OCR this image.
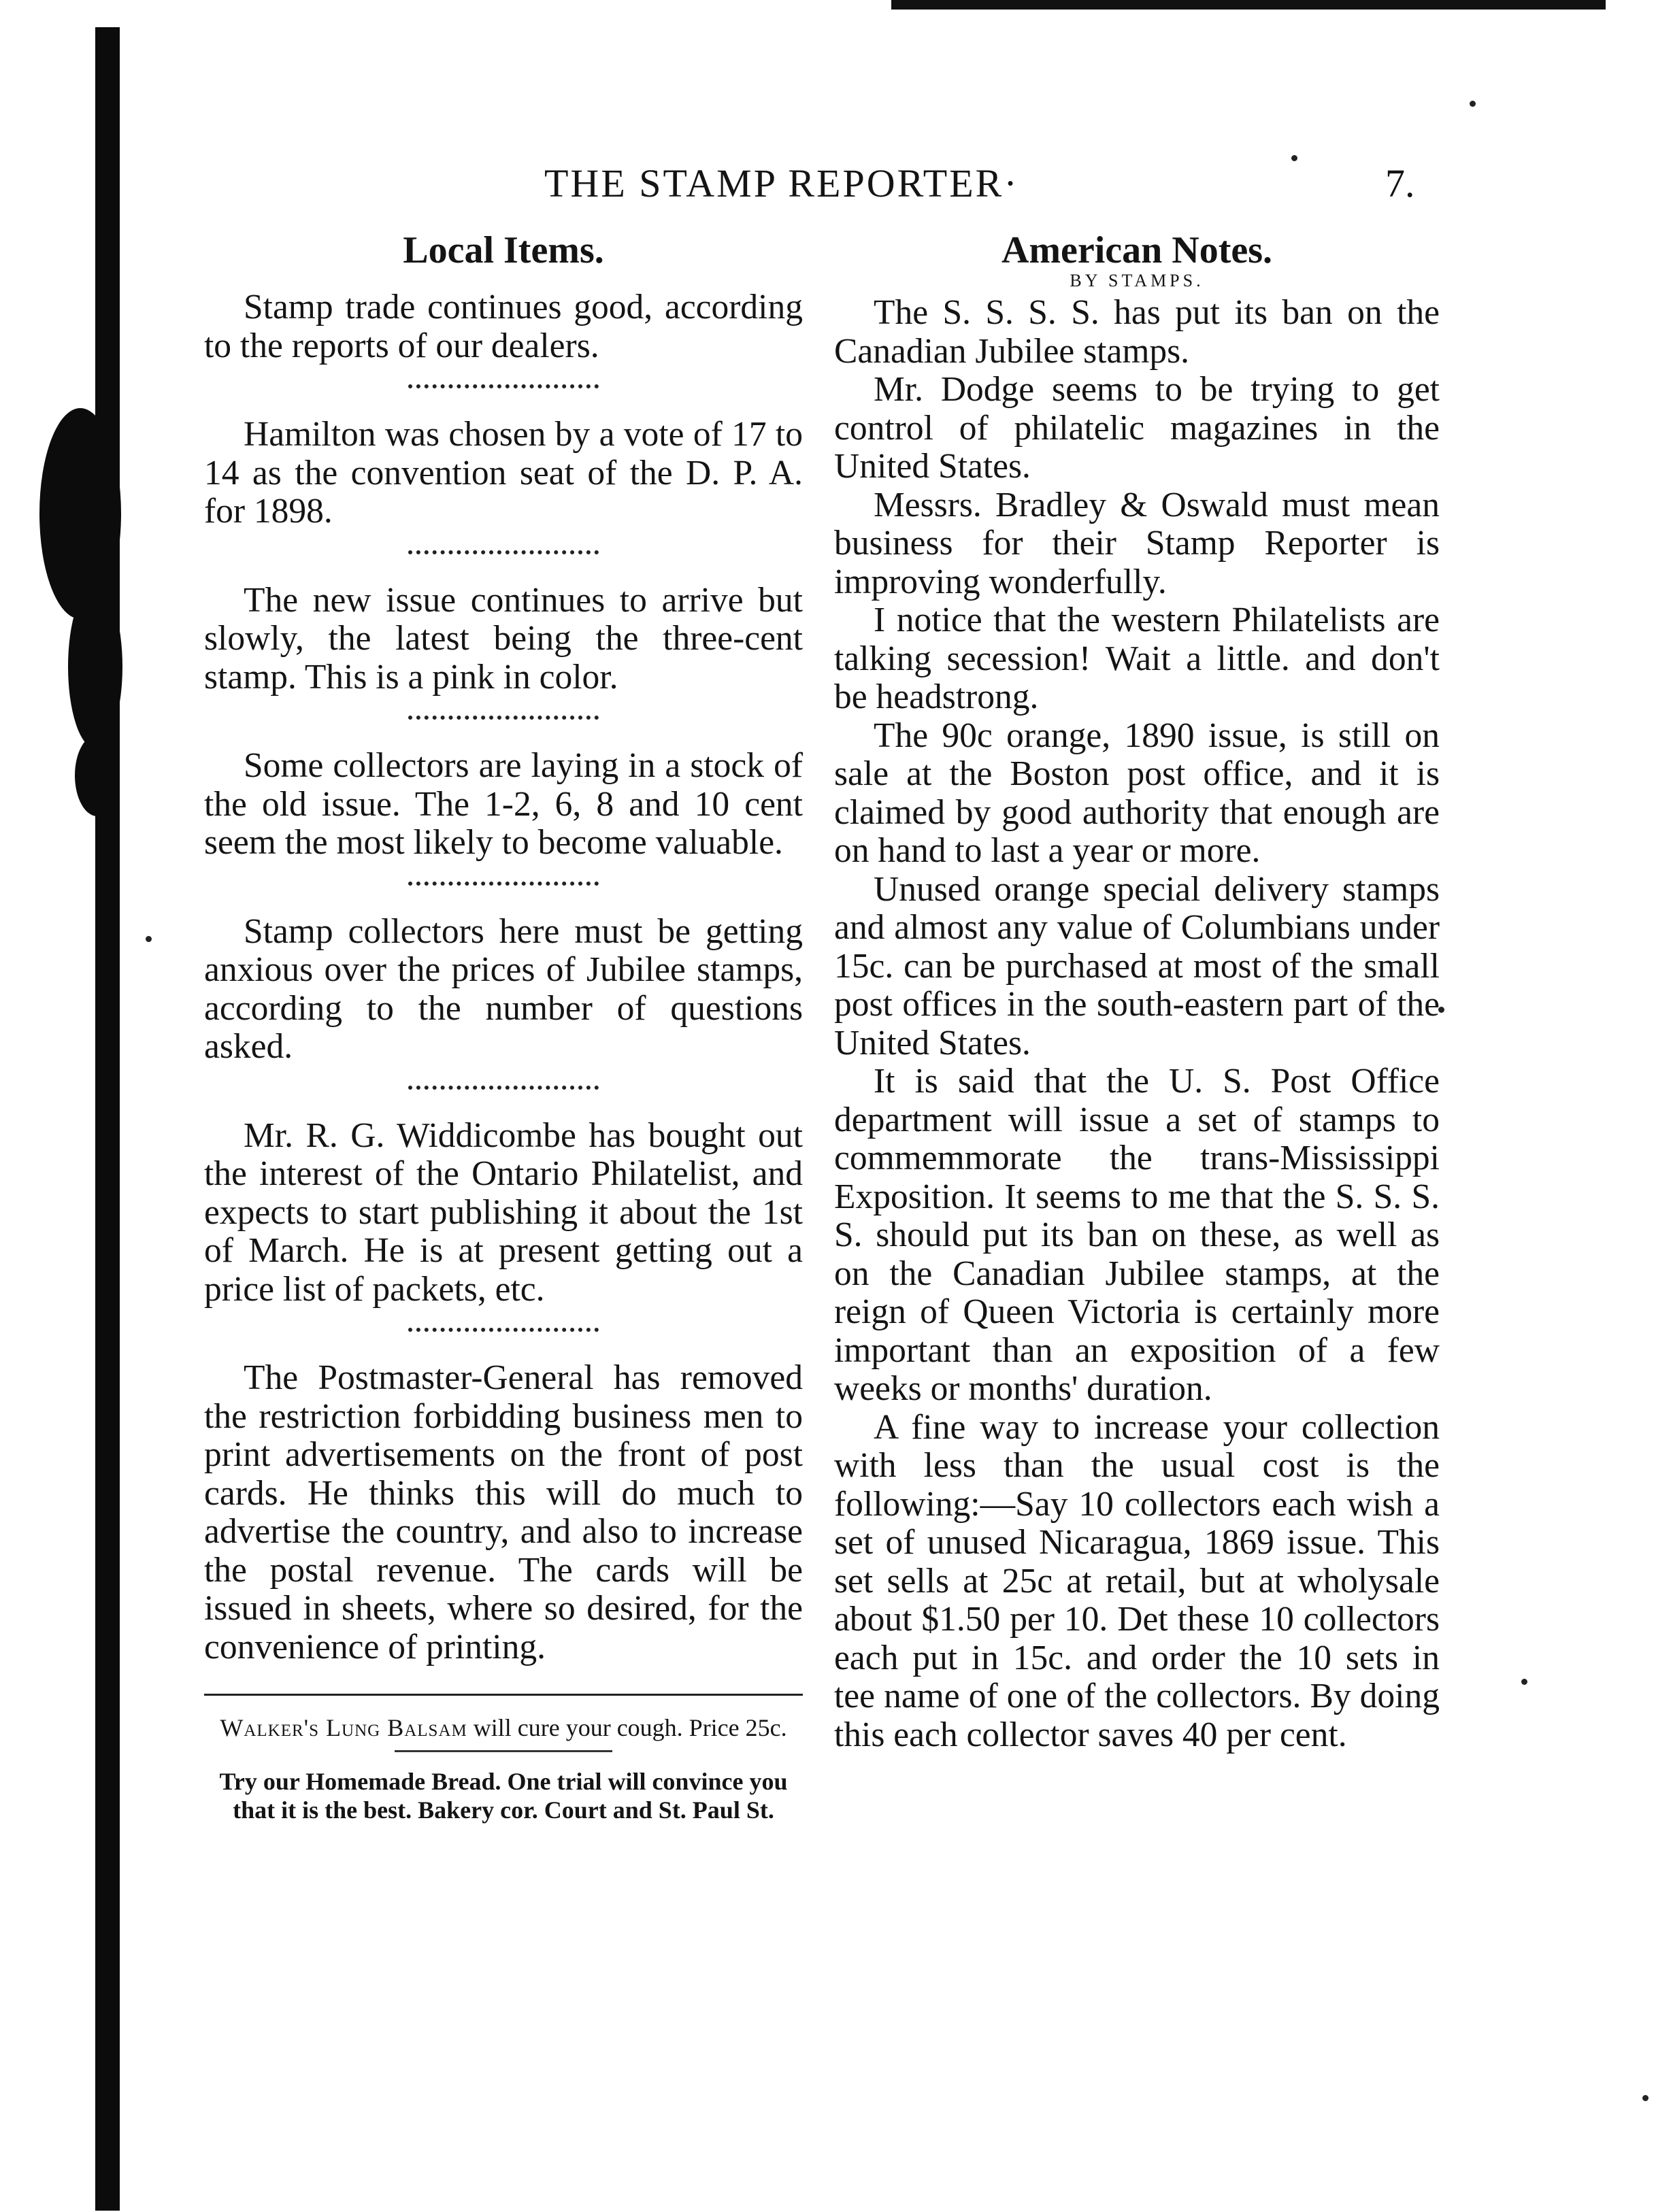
THE STAMP REPORTER·	7.
Local Items.

Stamp trade continues good, according to the reports of our dealers.

Hamilton was chosen by a vote of 17 to 14 as the convention seat of the D. P. A. for 1898.

The new issue continues to arrive but slowly, the latest being the three-cent stamp. This is a pink in color.

Some collectors are laying in a stock of the old issue. The 1-2, 6, 8 and 10 cent seem the most likely to become valuable.

Stamp collectors here must be getting anxious over the prices of Jubilee stamps, according to the number of questions asked.

Mr. R. G. Widdicombe has bought out the interest of the Ontario Philatelist, and expects to start publishing it about the 1st of March. He is at present getting out a price list of packets, etc.

The Postmaster-General has removed the restriction forbidding business men to print advertisements on the front of post cards. He thinks this will do much to advertise the country, and also to increase the postal revenue. The cards will be issued in sheets, where so desired, for the convenience of printing.

Walker's Lung Balsam will cure your cough. Price 25c.

Try our Homemade Bread. One trial will convince you that it is the best. Bakery cor. Court and St. Paul St.

American Notes.

BY STAMPS.

The S. S. S. S. has put its ban on the Canadian Jubilee stamps.

Mr. Dodge seems to be trying to get control of philatelic magazines in the United States.

Messrs. Bradley & Oswald must mean business for their Stamp Reporter is improving wonderfully.

I notice that the western Philatelists are talking secession! Wait a little. and don't be headstrong.

The 90c orange, 1890 issue, is still on sale at the Boston post office, and it is claimed by good authority that enough are on hand to last a year or more.

Unused orange special delivery stamps and almost any value of Columbians under 15c. can be purchased at most of the small post offices in the south-eastern part of the United States.

It is said that the U. S. Post Office department will issue a set of stamps to commemmorate the trans-Mississippi Exposition. It seems to me that the S. S. S. S. should put its ban on these, as well as on the Canadian Jubilee stamps, at the reign of Queen Victoria is certainly more important than an exposition of a few weeks or months' duration.

A fine way to increase your collection with less than the usual cost is the following:—Say 10 collectors each wish a set of unused Nicaragua, 1869 issue. This set sells at 25c at retail, but at wholysale about $1.50 per 10. Det these 10 collectors each put in 15c. and order the 10 sets in tee name of one of the collectors. By doing this each collector saves 40 per cent.
